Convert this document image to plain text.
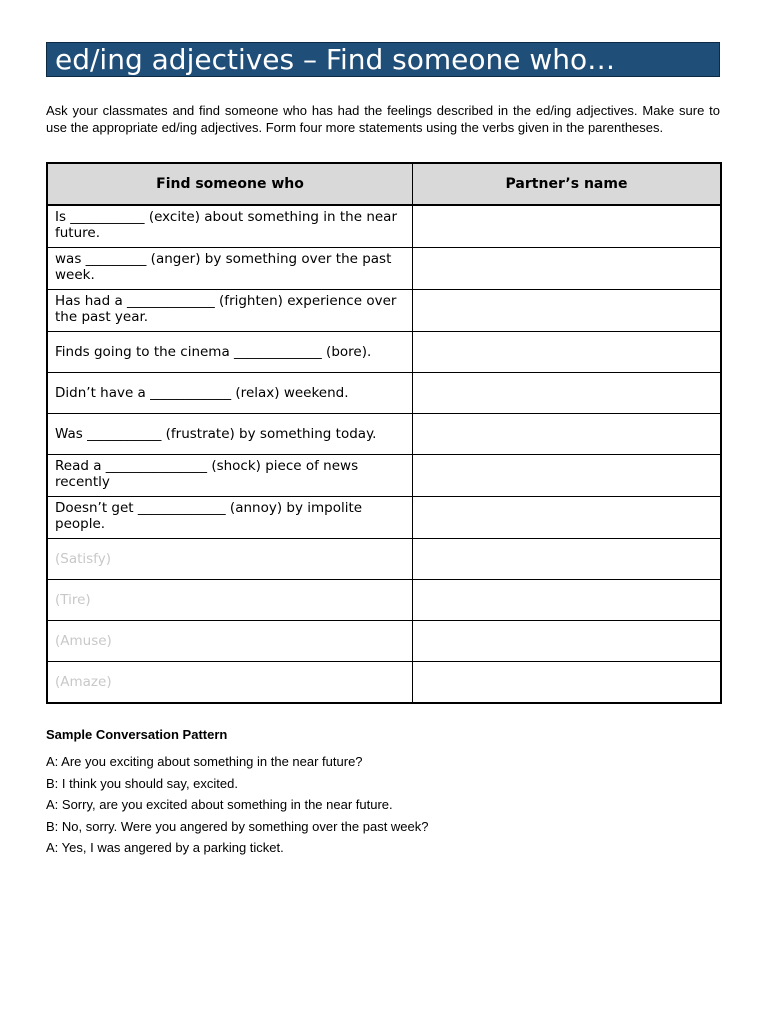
ed/ing adjectives – Find someone who…
Ask your classmates and find someone who has had the feelings described in the ed/ing adjectives. Make sure to use the appropriate ed/ing adjectives. Form four more statements using the verbs given in the parentheses.
Find someone who	Partner’s name
Is ___________ (excite) about something in the near future.	
was _________ (anger) by something over the past week.	
Has had a _____________ (frighten) experience over the past year.	
Finds going to the cinema _____________ (bore).	
Didn’t have a ____________ (relax) weekend.	
Was ___________ (frustrate) by something today.	
Read a _______________ (shock) piece of news recently	
Doesn’t get _____________ (annoy) by impolite people.	
(Satisfy)	
(Tire)	
(Amuse)	
(Amaze)	
Sample Conversation Pattern
A: Are you exciting about something in the near future?
B: I think you should say, excited.
A: Sorry, are you excited about something in the near future.
B: No, sorry. Were you angered by something over the past week?
A: Yes, I was angered by a parking ticket.
